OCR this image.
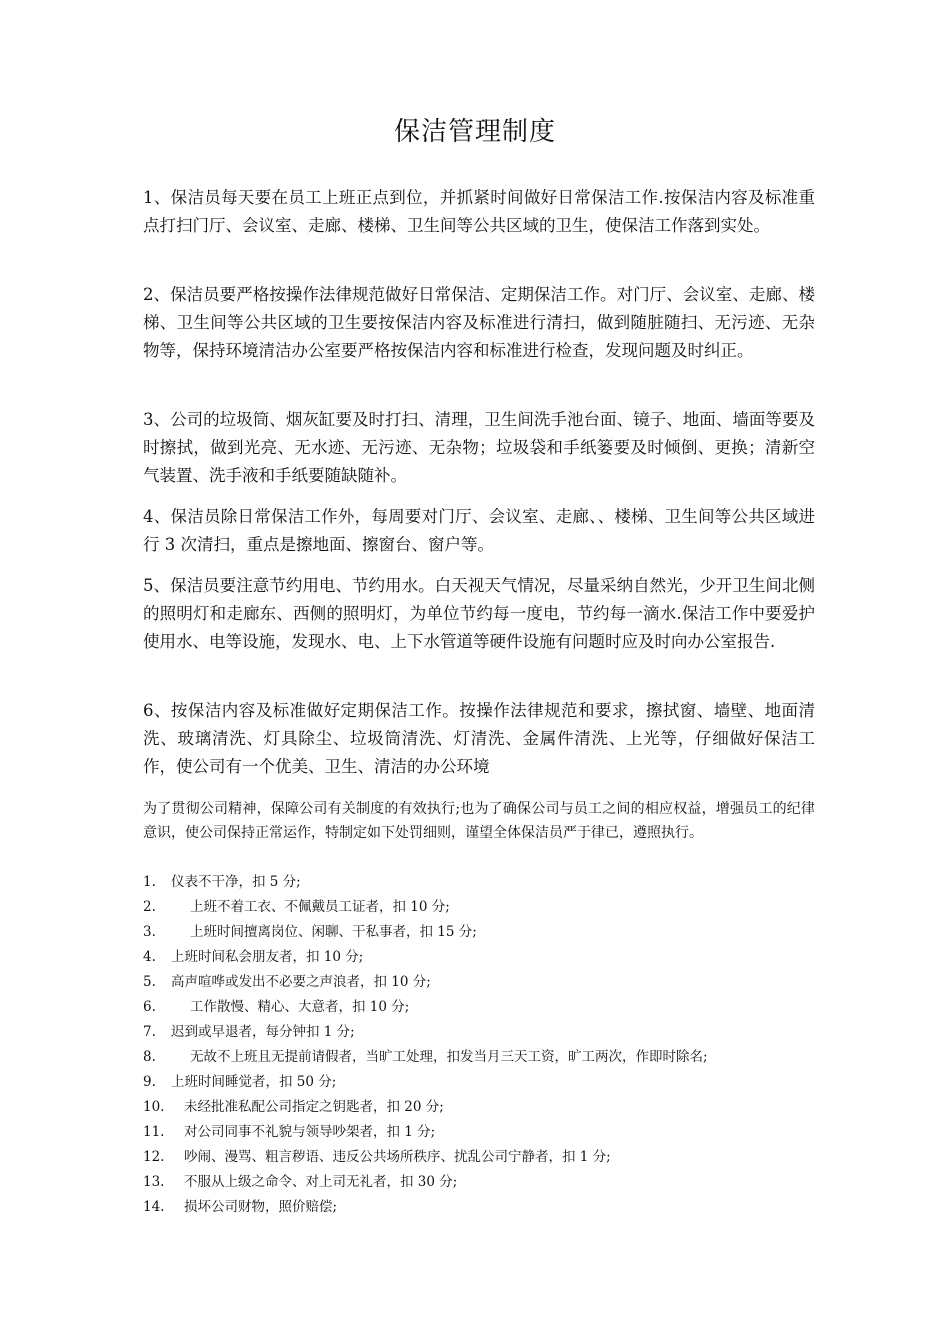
保洁管理制度

1、保洁员每天要在员工上班正点到位，并抓紧时间做好日常保洁工作.按保洁内容及标准重点打扫门厅、会议室、走廊、楼梯、卫生间等公共区域的卫生，使保洁工作落到实处。

2、保洁员要严格按操作法律规范做好日常保洁、定期保洁工作。对门厅、会议室、走廊、楼梯、卫生间等公共区域的卫生要按保洁内容及标准进行清扫，做到随脏随扫、无污迹、无杂物等，保持环境清洁办公室要严格按保洁内容和标准进行检查，发现问题及时纠正。

3、公司的垃圾筒、烟灰缸要及时打扫、清理，卫生间洗手池台面、镜子、地面、墙面等要及时擦拭，做到光亮、无水迹、无污迹、无杂物；垃圾袋和手纸篓要及时倾倒、更换；清新空气装置、洗手液和手纸要随缺随补。

4、保洁员除日常保洁工作外，每周要对门厅、会议室、走廊、、楼梯、卫生间等公共区域进行 3 次清扫，重点是擦地面、擦窗台、窗户等。

5、保洁员要注意节约用电、节约用水。白天视天气情况，尽量采纳自然光，少开卫生间北侧的照明灯和走廊东、西侧的照明灯，为单位节约每一度电，节约每一滴水.保洁工作中要爱护使用水、电等设施，发现水、电、上下水管道等硬件设施有问题时应及时向办公室报告.

6、按保洁内容及标准做好定期保洁工作。按操作法律规范和要求，擦拭窗、墙壁、地面清洗、玻璃清洗、灯具除尘、垃圾筒清洗、灯清洗、金属件清洗、上光等，仔细做好保洁工作，使公司有一个优美、卫生、清洁的办公环境

为了贯彻公司精神，保障公司有关制度的有效执行;也为了确保公司与员工之间的相应权益，增强员工的纪律意识，使公司保持正常运作，特制定如下处罚细则，谨望全体保洁员严于律已，遵照执行。

1. 仪表不干净，扣 5 分;
2.	上班不着工衣、不佩戴员工证者，扣 10 分;
3.	上班时间擅离岗位、闲聊、干私事者，扣 15 分;
4. 上班时间私会朋友者，扣 10 分;
5. 高声喧哗或发出不必要之声浪者，扣 10 分;
6.	工作散慢、精心、大意者，扣 10 分;
7. 迟到或早退者，每分钟扣 1 分;
8.	无故不上班且无提前请假者，当旷工处理，扣发当月三天工资，旷工两次，作即时除名;
9. 上班时间睡觉者，扣 50 分;
10. 未经批准私配公司指定之钥匙者，扣 20 分;
11. 对公司同事不礼貌与领导吵架者，扣 1 分;
12. 吵闹、漫骂、粗言秽语、违反公共场所秩序、扰乱公司宁静者，扣 1 分;
13. 不服从上级之命令、对上司无礼者，扣 30 分;
14. 损坏公司财物，照价赔偿;
